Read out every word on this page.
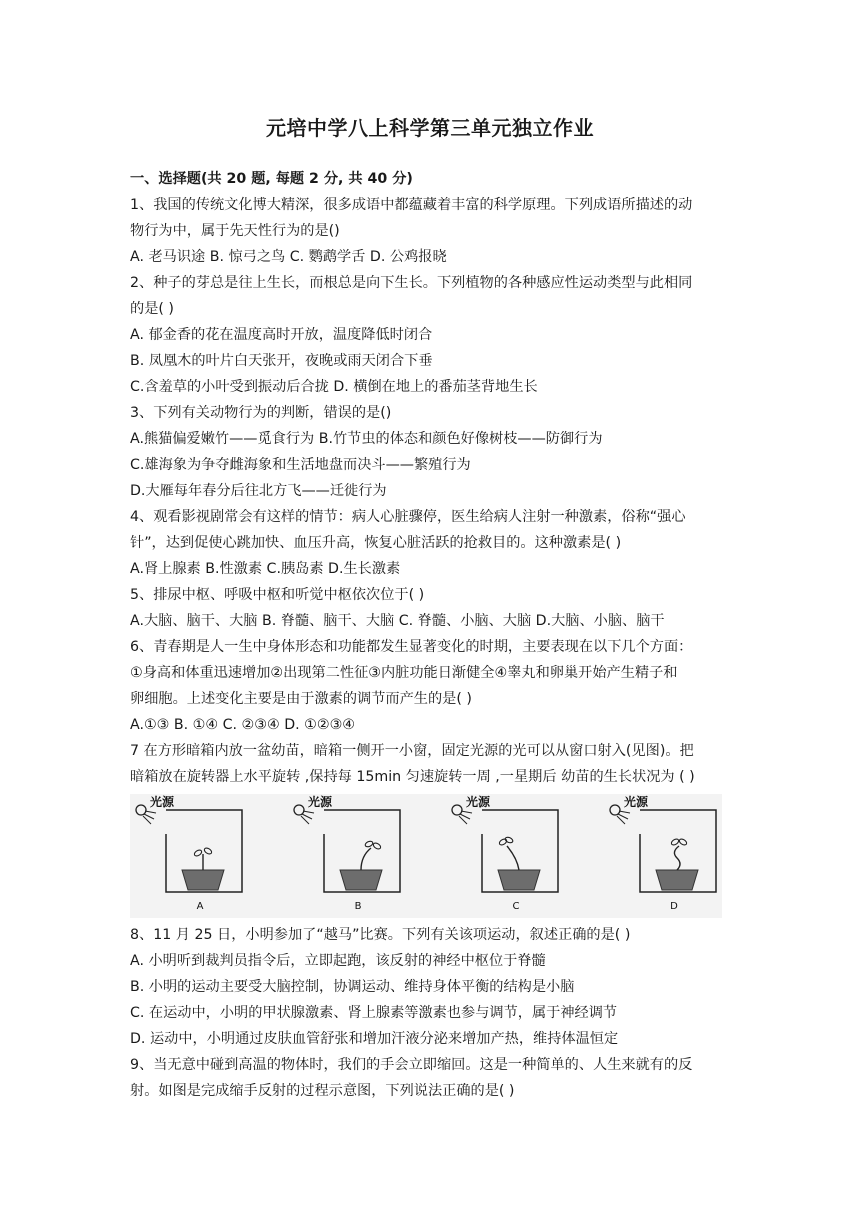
元培中学八上科学第三单元独立作业
一、选择题(共 20 题, 每题 2 分, 共 40 分)
1、我国的传统文化博大精深，很多成语中都蕴藏着丰富的科学原理。下列成语所描述的动
物行为中，属于先天性行为的是()
A. 老马识途 B. 惊弓之鸟 C. 鹦鹉学舌 D. 公鸡报晓
2、种子的芽总是往上生长，而根总是向下生长。下列植物的各种感应性运动类型与此相同
的是( )
A. 郁金香的花在温度高时开放，温度降低时闭合
B. 凤凰木的叶片白天张开，夜晚或雨天闭合下垂
C.含羞草的小叶受到振动后合拢 D. 横倒在地上的番茄茎背地生长
3、下列有关动物行为的判断，错误的是()
A.熊猫偏爱嫩竹——觅食行为 B.竹节虫的体态和颜色好像树枝——防御行为
C.雄海象为争夺雌海象和生活地盘而决斗——繁殖行为
D.大雁每年春分后往北方飞——迁徙行为
4、观看影视剧常会有这样的情节：病人心脏骤停，医生给病人注射一种激素，俗称“强心
针”，达到促使心跳加快、血压升高，恢复心脏活跃的抢救目的。这种激素是( )
A.肾上腺素 B.性激素 C.胰岛素 D.生长激素
5、排尿中枢、呼吸中枢和听觉中枢依次位于( )
A.大脑、脑干、大脑 B. 脊髓、脑干、大脑 C. 脊髓、小脑、大脑 D.大脑、小脑、脑干
6、青春期是人一生中身体形态和功能都发生显著变化的时期，主要表现在以下几个方面：
①身高和体重迅速增加②出现第二性征③内脏功能日渐健全④睾丸和卵巢开始产生精子和
卵细胞。上述变化主要是由于激素的调节而产生的是( )
A.①③ B. ①④ C. ②③④ D. ①②③④
7 在方形暗箱内放一盆幼苗，暗箱一侧开一小窗，固定光源的光可以从窗口射入(见图)。把
暗箱放在旋转器上水平旋转 ,保持每 15min 匀速旋转一周 ,一星期后 幼苗的生长状况为 ( )
光源
A
光源
B
光源
C
光源
D
8、11 月 25 日，小明参加了“越马”比赛。下列有关该项运动，叙述正确的是( )
A. 小明听到裁判员指令后，立即起跑，该反射的神经中枢位于脊髓
B. 小明的运动主要受大脑控制，协调运动、维持身体平衡的结构是小脑
C. 在运动中，小明的甲状腺激素、肾上腺素等激素也参与调节，属于神经调节
D. 运动中，小明通过皮肤血管舒张和增加汗液分泌来增加产热，维持体温恒定
9、当无意中碰到高温的物体时，我们的手会立即缩回。这是一种简单的、人生来就有的反
射。如图是完成缩手反射的过程示意图，下列说法正确的是( )
